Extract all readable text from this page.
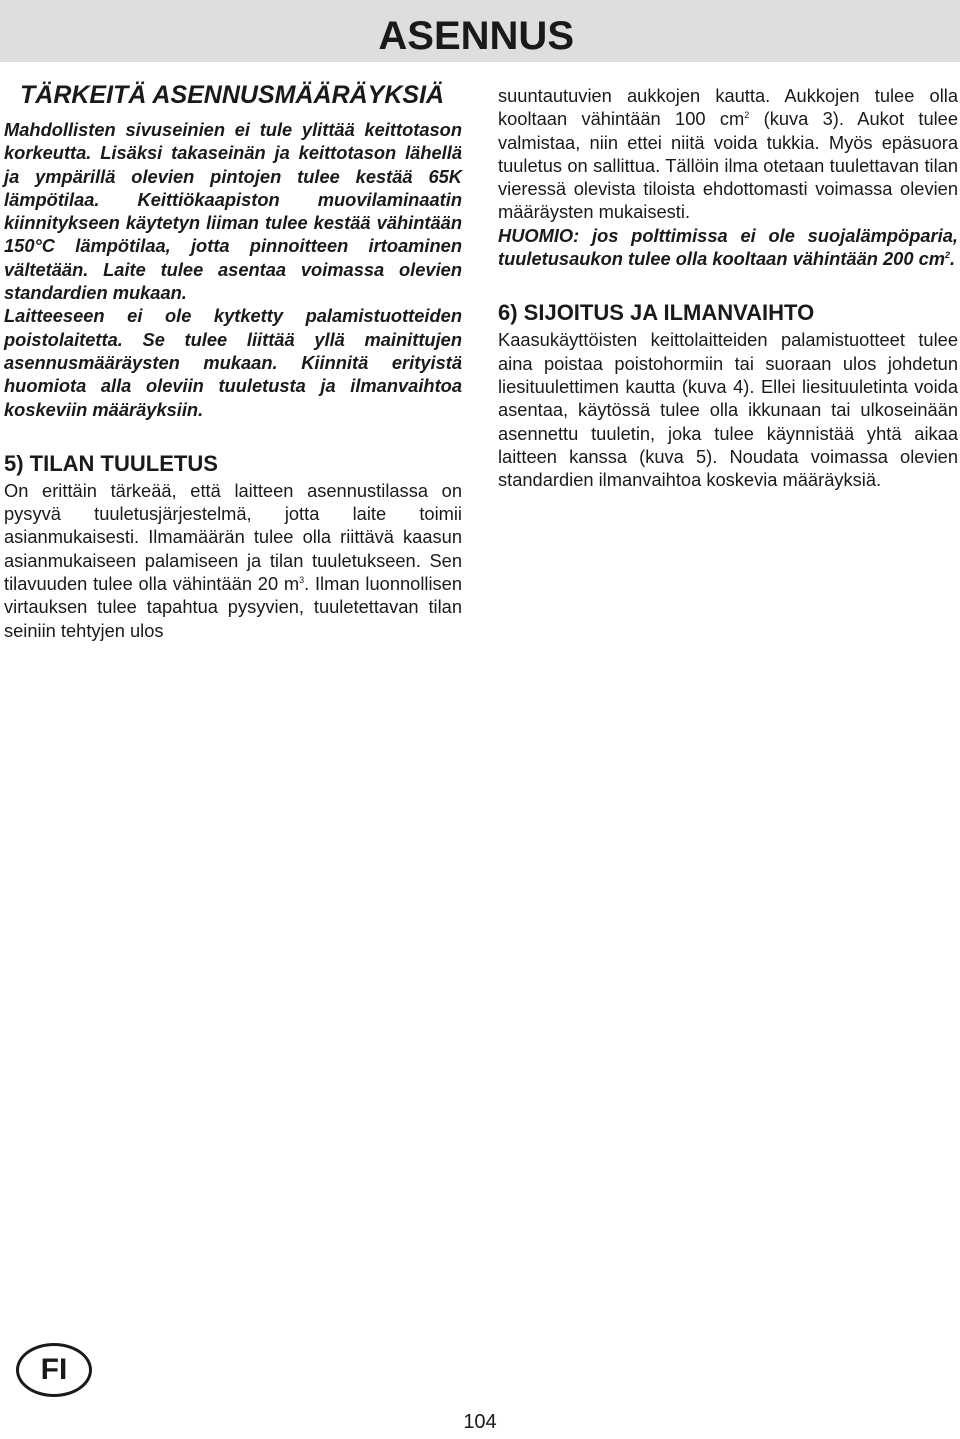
ASENNUS
TÄRKEITÄ ASENNUSMÄÄRÄYKSIÄ

Mahdollisten sivuseinien ei tule ylittää keittotason korkeutta. Lisäksi takaseinän ja keittotason lähellä ja ympärillä olevien pintojen tulee kestää 65K lämpötilaa. Keittiökaapiston muovilaminaatin kiinnitykseen käytetyn liiman tulee kestää vähintään 150°C lämpötilaa, jotta pinnoitteen irtoaminen vältetään. Laite tulee asentaa voimassa olevien standardien mukaan.

Laitteeseen ei ole kytketty palamistuotteiden poistolaitetta. Se tulee liittää yllä mainittujen asennusmääräysten mukaan. Kiinnitä erityistä huomiota alla oleviin tuuletusta ja ilmanvaihtoa koskeviin määräyksiin.

5) TILAN TUULETUS

On erittäin tärkeää, että laitteen asennustilassa on pysyvä tuuletusjärjestelmä, jotta laite toimii asianmukaisesti. Ilmamäärän tulee olla riittävä kaasun asianmukaiseen palamiseen ja tilan tuuletukseen. Sen tilavuuden tulee olla vähintään 20 $m^3$. Ilman luonnollisen virtauksen tulee tapahtua pysyvien, tuuletettavan tilan seiniin tehtyjen ulos

suuntautuvien aukkojen kautta. Aukkojen tulee olla kooltaan vähintään 100 $cm^2$ (kuva 3). Aukot tulee valmistaa, niin ettei niitä voida tukkia. Myös epäsuora tuuletus on sallittua. Tällöin ilma otetaan tuulettavan tilan vieressä olevista tiloista ehdottomasti voimassa olevien määräysten mukaisesti.

HUOMIO: jos polttimissa ei ole suojalämpöparia, tuuletusaukon tulee olla kooltaan vähintään 200 $cm^2$.

6) SIJOITUS JA ILMANVAIHTO

Kaasukäyttöisten keittolaitteiden palamistuotteet tulee aina poistaa poistohormiin tai suoraan ulos johdetun liesituulettimen kautta (kuva 4). Ellei liesituuletinta voida asentaa, käytössä tulee olla ikkunaan tai ulkoseinään asennettu tuuletin, joka tulee käynnistää yhtä aikaa laitteen kanssa (kuva 5). Noudata voimassa olevien standardien ilmanvaihtoa koskevia määräyksiä.

FI
104
